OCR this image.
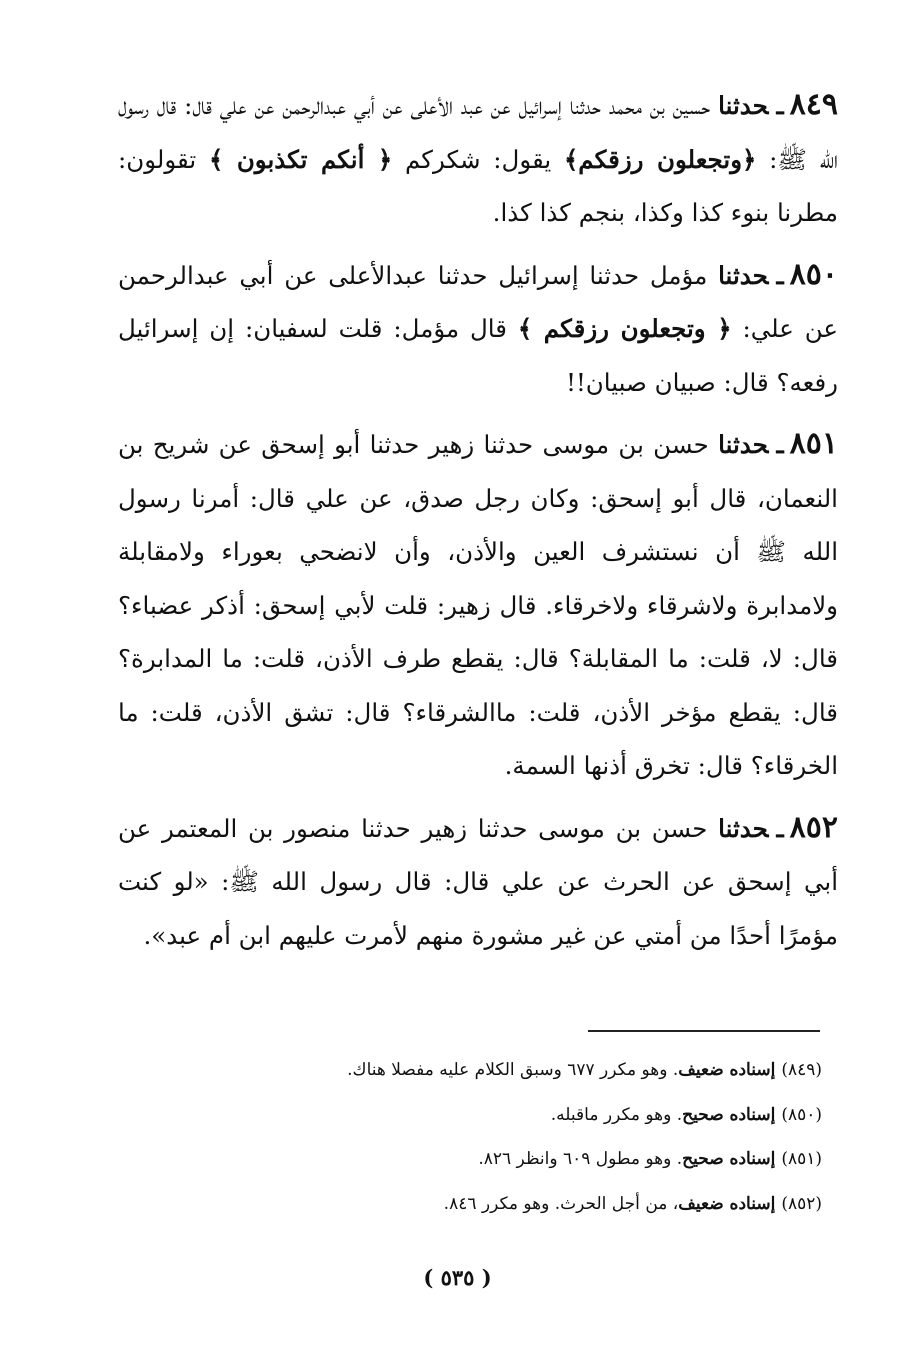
٨٤٩ـحدثنا حسين بن محمد حدثنا إسرائيل عن عبد الأعلى عن أبي عبدالرحمن عن علي قال: قال رسول الله ﷺ: ﴿وتجعلون رزقكم﴾ يقول: شكركم ﴿ أنكم تكذبون ﴾ تقولون: مطرنا بنوء كذا وكذا، بنجم كذا كذا.

٨٥٠ـحدثنا مؤمل حدثنا إسرائيل حدثنا عبدالأعلى عن أبي عبدالرحمن عن علي: ﴿ وتجعلون رزقكم ﴾ قال مؤمل: قلت لسفيان: إن إسرائيل رفعه؟ قال: صبيان صبيان!!

٨٥١ـحدثنا حسن بن موسى حدثنا زهير حدثنا أبو إسحق عن شريح بن النعمان، قال أبو إسحق: وكان رجل صدق، عن علي قال: أمرنا رسول الله ﷺ أن نستشرف العين والأذن، وأن لانضحي بعوراء ولامقابلة ولامدابرة ولاشرقاء ولاخرقاء. قال زهير: قلت لأبي إسحق: أذكر عضباء؟ قال: لا، قلت: ما المقابلة؟ قال: يقطع طرف الأذن، قلت: ما المدابرة؟ قال: يقطع مؤخر الأذن، قلت: ماالشرقاء؟ قال: تشق الأذن، قلت: ما الخرقاء؟ قال: تخرق أذنها السمة.

٨٥٢ـحدثنا حسن بن موسى حدثنا زهير حدثنا منصور بن المعتمر عن أبي إسحق عن الحرث عن علي قال: قال رسول الله ﷺ: «لو كنت مؤمرًا أحدًا من أمتي عن غير مشورة منهم لأمرت عليهم ابن أم عبد».

(٨٤٩)إسناده ضعيف. وهو مكرر ٦٧٧ وسبق الكلام عليه مفصلا هناك.
(٨٥٠)إسناده صحيح. وهو مكرر ماقبله.
(٨٥١)إسناده صحيح. وهو مطول ٦٠٩ وانظر ٨٢٦.
(٨٥٢)إسناده ضعيف، من أجل الحرث. وهو مكرر ٨٤٦.
( ٥٣٥ )
